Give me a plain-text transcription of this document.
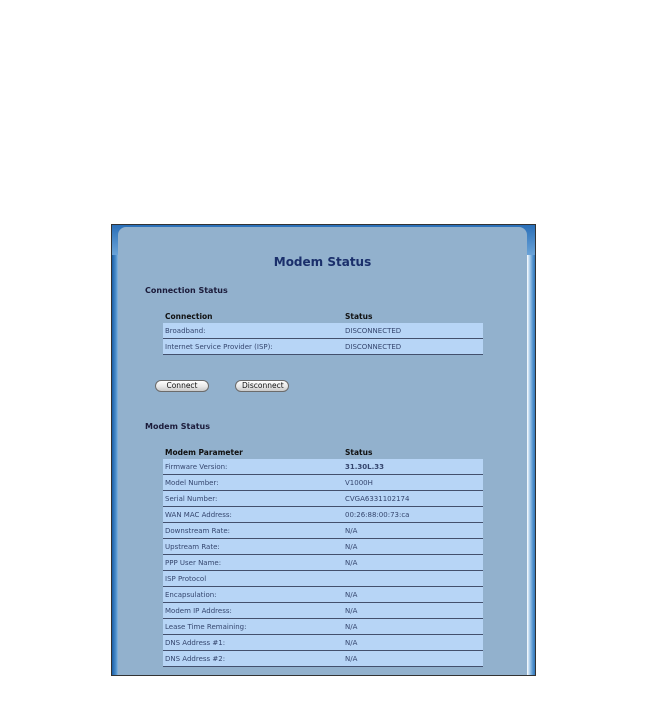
Modem Status
Connection Status
Connection	Status
Broadband:	DISCONNECTED
Internet Service Provider (ISP):	DISCONNECTED
Connect	Disconnect
Modem Status
Modem Parameter	Status
Firmware Version:	31.30L.33
Model Number:	V1000H
Serial Number:	CVGA6331102174
WAN MAC Address:	00:26:88:00:73:ca
Downstream Rate:	N/A
Upstream Rate:	N/A
PPP User Name:	N/A
ISP Protocol	
Encapsulation:	N/A
Modem IP Address:	N/A
Lease Time Remaining:	N/A
DNS Address #1:	N/A
DNS Address #2:	N/A
